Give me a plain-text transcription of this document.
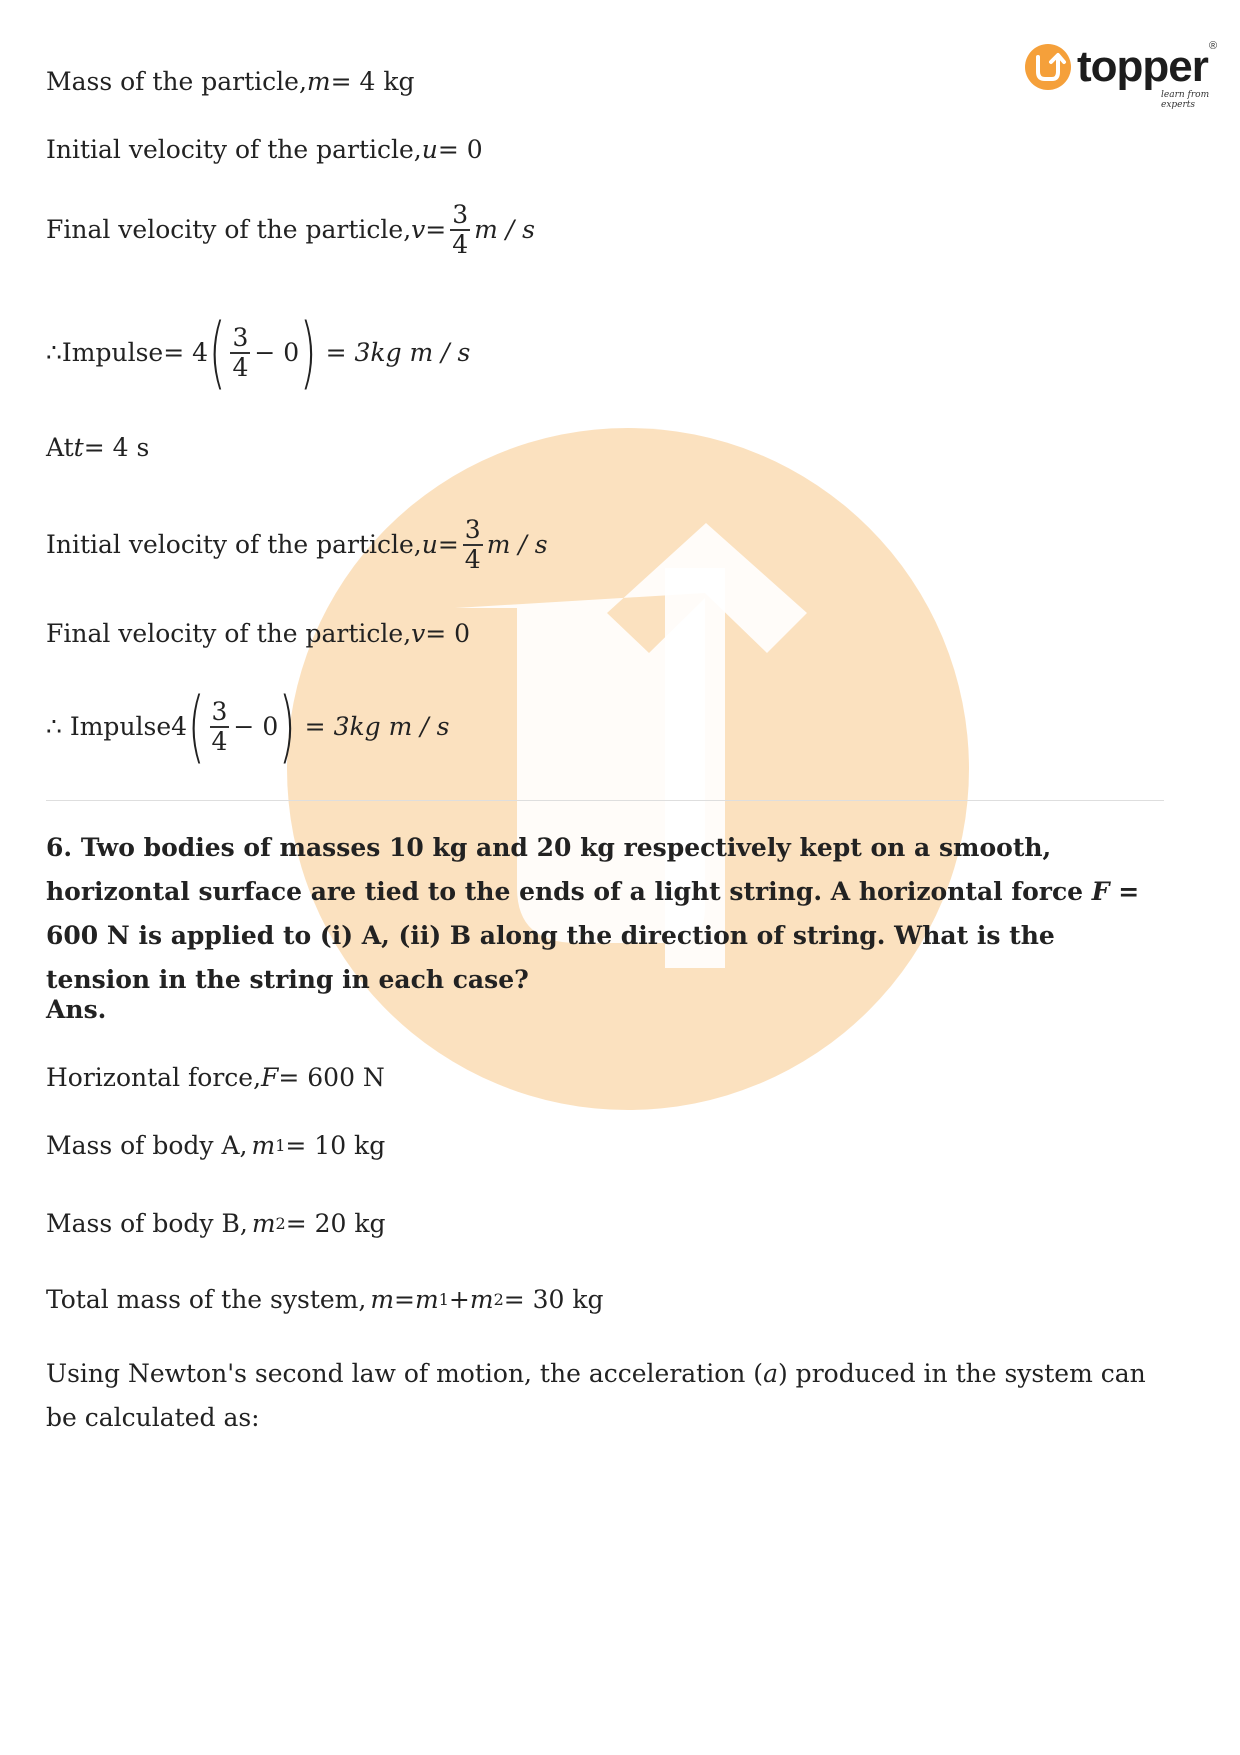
topper
learn from experts
®
Mass of the particle, m = 4 kg
Initial velocity of the particle, u = 0
Final velocity of the particle, $v = \frac{3}{4}$ m / s
∴Impulse = 4 ( $\frac{3}{4} - 0$ ) = 3kg m / s
At t = 4 s
Initial velocity of the particle, $u = \frac{3}{4}$ m / s
Final velocity of the particle, v = 0
∴ Impulse 4 ( $\frac{3}{4} - 0$ ) = 3kg m / s
6. Two bodies of masses 10 kg and 20 kg respectively kept on a smooth, horizontal surface are tied to the ends of a light string. A horizontal force F = 600 N is applied to (i) A, (ii) B along the direction of string. What is the tension in the string in each case?
Ans.
Horizontal force, F = 600 N
Mass of body A, m 1 = 10 kg
Mass of body B, m 2 = 20 kg
Total mass of the system, m = m 1 + m 2 = 30 kg
Using Newton's second law of motion, the acceleration (a) produced in the system can be calculated as:
